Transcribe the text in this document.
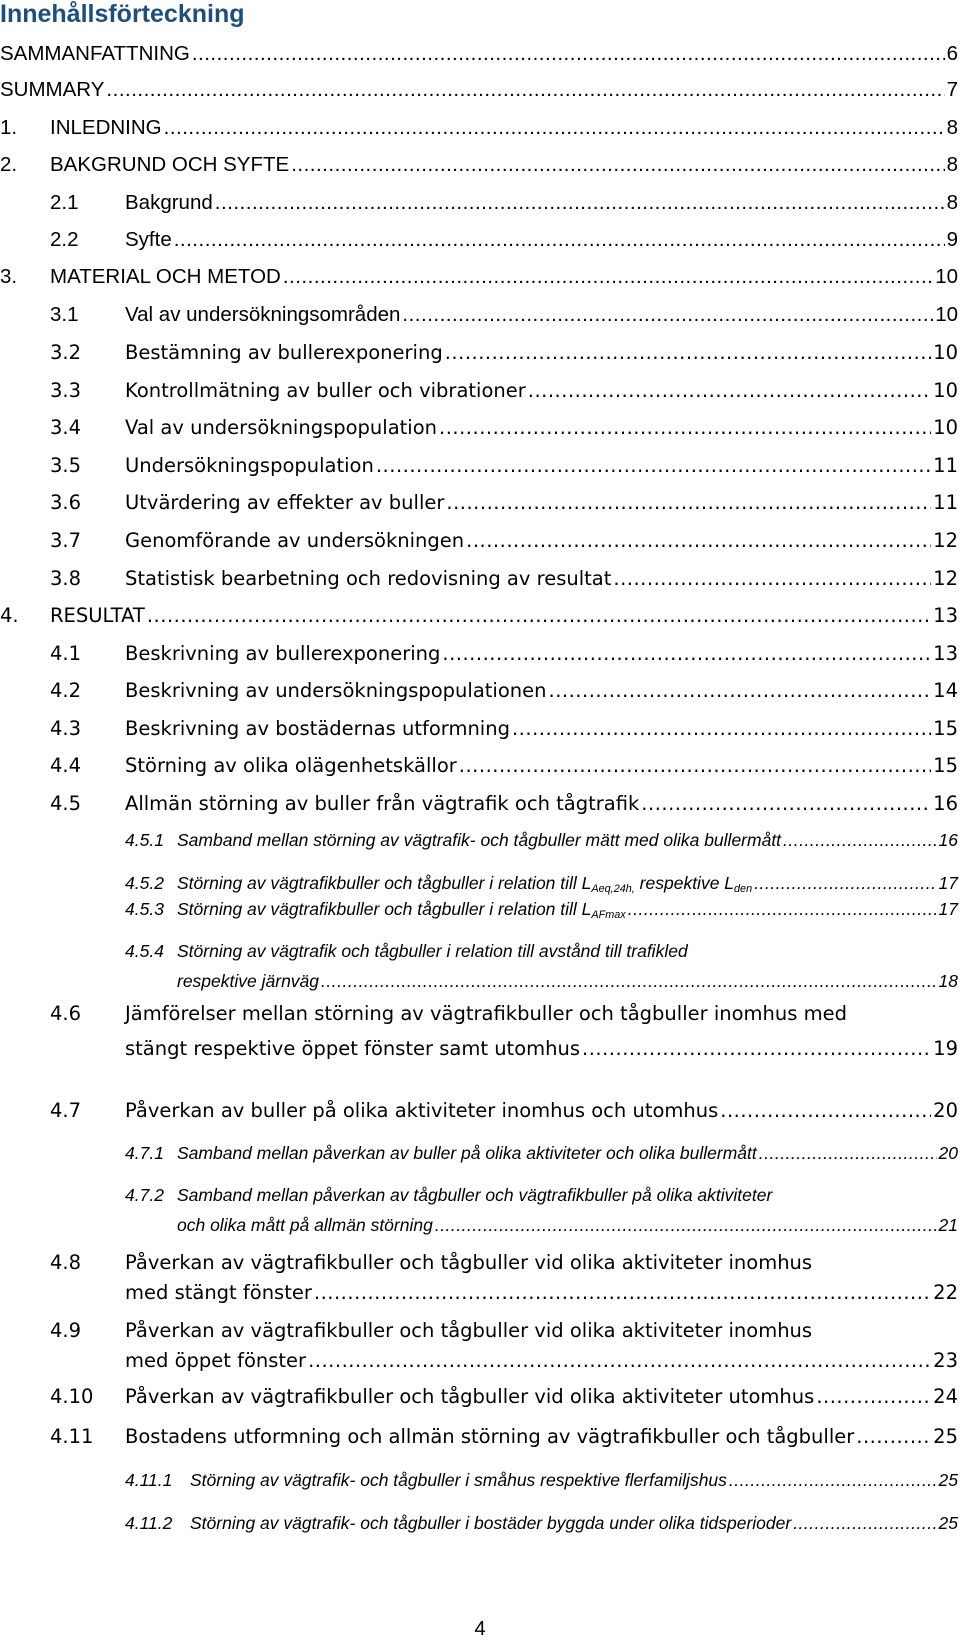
Innehållsförteckning
SAMMANFATTNING .....	6
SUMMARY .....	7
1. INLEDNING .....	8
2. BAKGRUND OCH SYFTE .....	8
2.1 Bakgrund .....	8
2.2 Syfte .....	9
3. MATERIAL OCH METOD .....	10
3.1 Val av undersökningsområden .....	10
3.2 Bestämning av bullerexponering .....	10
3.3 Kontrollmätning av buller och vibrationer .....	10
3.4 Val av undersökningspopulation .....	10
3.5 Undersökningspopulation .....	11
3.6 Utvärdering av effekter av buller .....	11
3.7 Genomförande av undersökningen .....	12
3.8 Statistisk bearbetning och redovisning av resultat .....	12
4. RESULTAT .....	13
4.1 Beskrivning av bullerexponering .....	13
4.2 Beskrivning av undersökningspopulationen .....	14
4.3 Beskrivning av bostädernas utformning .....	15
4.4 Störning av olika olägenhetskällor .....	15
4.5 Allmän störning av buller från vägtrafik och tågtrafik .....	16
4.5.1 Samband mellan störning av vägtrafik- och tågbuller mätt med olika bullermått .....	16
4.5.2 Störning av vägtrafikbuller och tågbuller i relation till LAeq,24h, respektive Lden .....	17
4.5.3 Störning av vägtrafikbuller och tågbuller i relation till LAFmax .....	17
4.5.4 Störning av vägtrafik och tågbuller i relation till avstånd till trafikled
respektive järnväg .....	18
4.6 Jämförelser mellan störning av vägtrafikbuller och tågbuller inomhus med
stängt respektive öppet fönster samt utomhus .....	19
4.7 Påverkan av buller på olika aktiviteter inomhus och utomhus .....	20
4.7.1 Samband mellan påverkan av buller på olika aktiviteter och olika bullermått .....	20
4.7.2 Samband mellan påverkan av tågbuller och vägtrafikbuller på olika aktiviteter
och olika mått på allmän störning .....	21
4.8 Påverkan av vägtrafikbuller och tågbuller vid olika aktiviteter inomhus
med stängt fönster .....	22
4.9 Påverkan av vägtrafikbuller och tågbuller vid olika aktiviteter inomhus
med öppet fönster .....	23
4.10 Påverkan av vägtrafikbuller och tågbuller vid olika aktiviteter utomhus .....	24
4.11 Bostadens utformning och allmän störning av vägtrafikbuller och tågbuller .....	25
4.11.1 Störning av vägtrafik- och tågbuller i småhus respektive flerfamiljshus .....	25
4.11.2 Störning av vägtrafik- och tågbuller i bostäder byggda under olika tidsperioder .....	25
4
